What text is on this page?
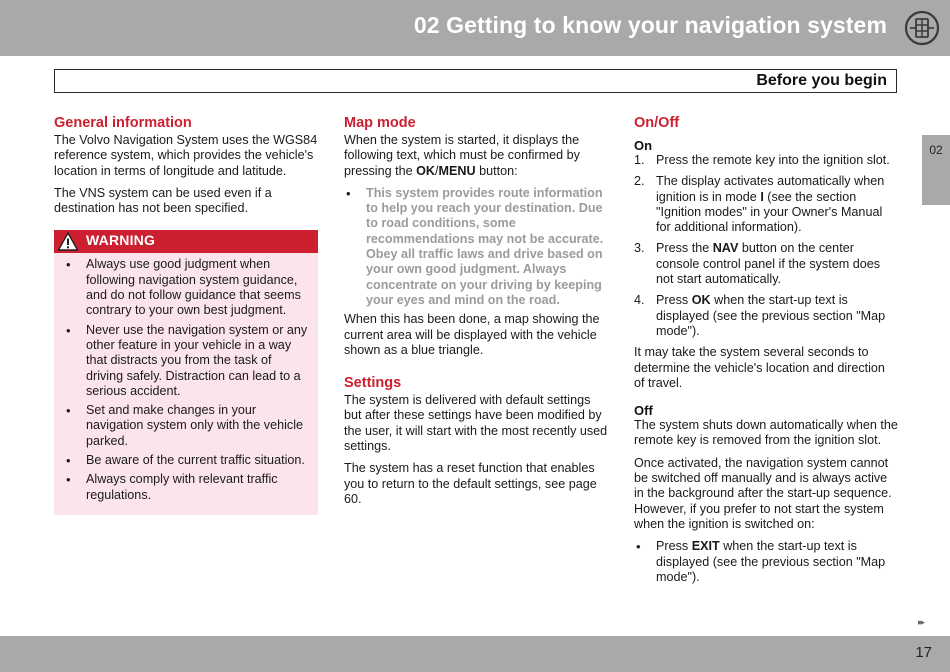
02 Getting to know your navigation system
Before you begin
02
General information

The Volvo Navigation System uses the WGS84 reference system, which provides the vehicle's location in terms of longitude and latitude.

The VNS system can be used even if a destination has not been specified.

WARNING
• Always use good judgment when following navigation system guidance, and do not follow guidance that seems contrary to your own best judgment.
• Never use the navigation system or any other feature in your vehicle in a way that distracts you from the task of driving safely. Distraction can lead to a serious accident.
• Set and make changes in your navigation system only with the vehicle parked.
• Be aware of the current traffic situation.
• Always comply with relevant traffic regulations.
Map mode

When the system is started, it displays the following text, which must be confirmed by pressing the OK/MENU button:

• This system provides route information to help you reach your destination. Due to road conditions, some recommendations may not be accurate. Obey all traffic laws and drive based on your own good judgment. Always concentrate on your driving by keeping your eyes and mind on the road.

When this has been done, a map showing the current area will be displayed with the vehicle shown as a blue triangle.

Settings

The system is delivered with default settings but after these settings have been modified by the user, it will start with the most recently used settings.

The system has a reset function that enables you to return to the default settings, see page 60.

On/Off
On
1. Press the remote key into the ignition slot.
2. The display activates automatically when ignition is in mode I (see the section "Ignition modes" in your Owner's Manual for additional information).
3. Press the NAV button on the center console control panel if the system does not start automatically.
4. Press OK when the start-up text is displayed (see the previous section "Map mode").

It may take the system several seconds to determine the vehicle's location and direction of travel.

Off

The system shuts down automatically when the remote key is removed from the ignition slot.

Once activated, the navigation system cannot be switched off manually and is always active in the background after the start-up sequence. However, if you prefer to not start the system when the ignition is switched on:

• Press EXIT when the start-up text is displayed (see the previous section "Map mode").
▸▸
17
